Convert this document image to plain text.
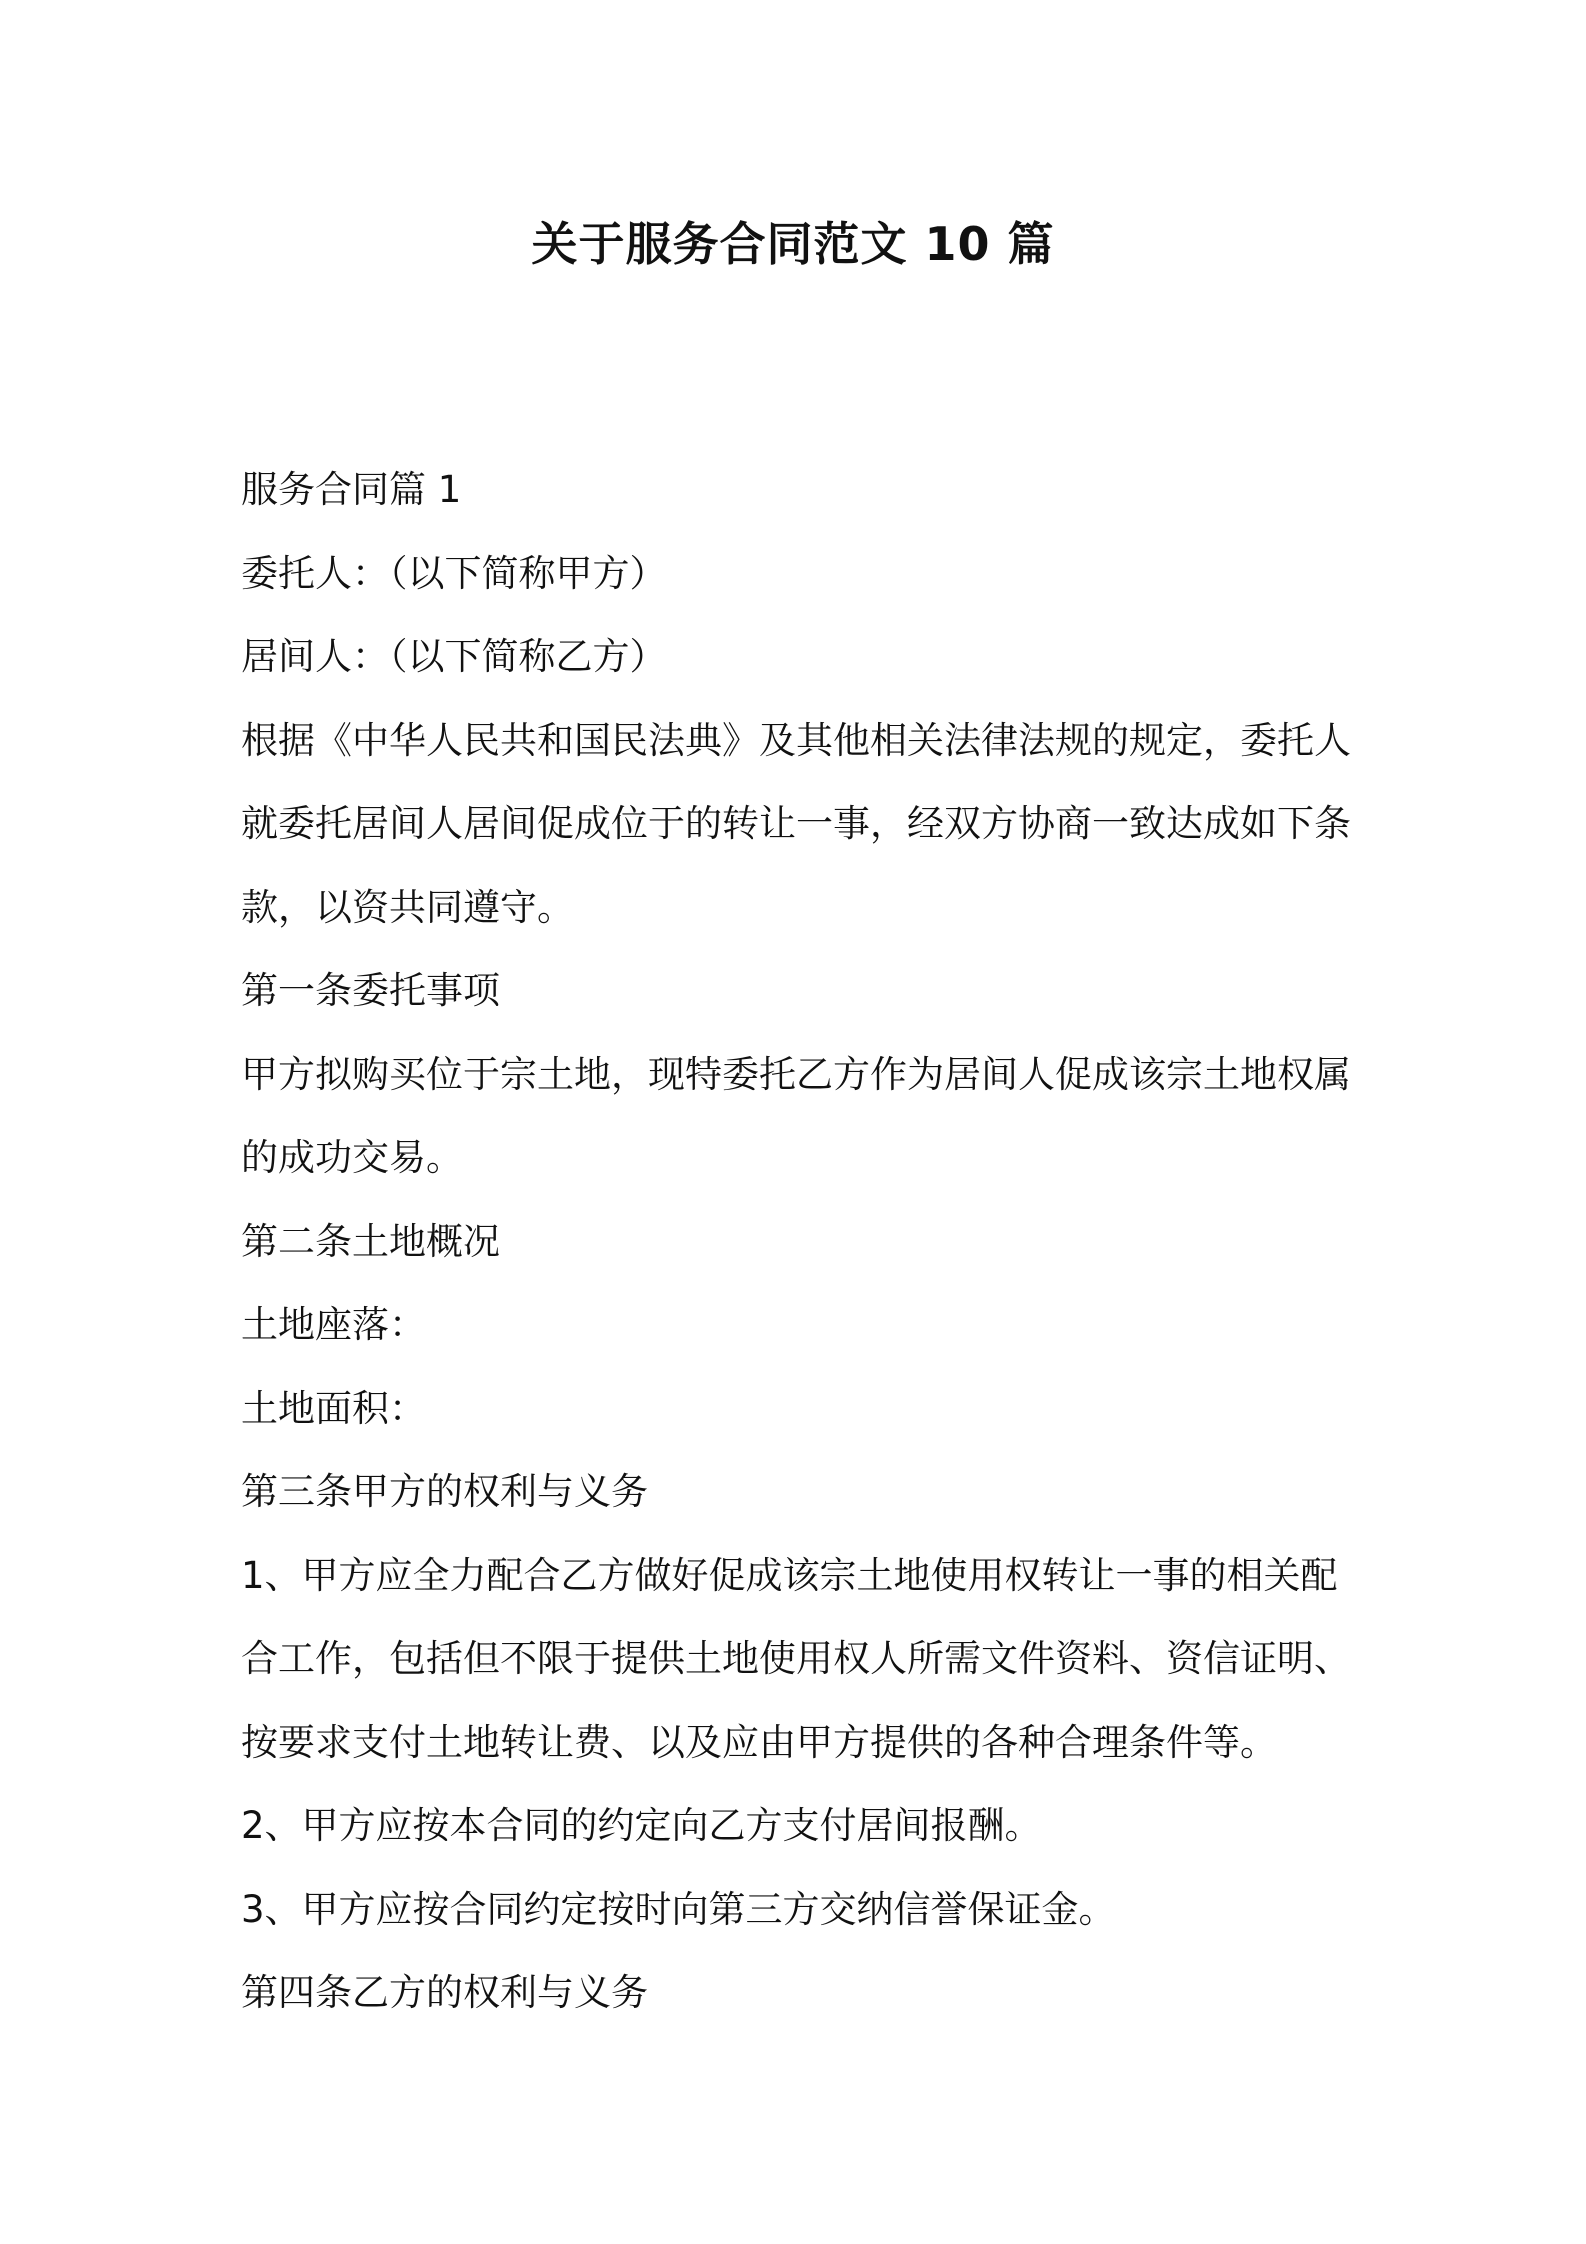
关于服务合同范文 10 篇

服务合同篇 1

委托人：（以下简称甲方）

居间人：（以下简称乙方）

根据《中华人民共和国民法典》及其他相关法律法规的规定，委托人
就委托居间人居间促成位于的转让一事，经双方协商一致达成如下条
款，以资共同遵守。

第一条委托事项

甲方拟购买位于宗土地，现特委托乙方作为居间人促成该宗土地权属
的成功交易。

第二条土地概况

土地座落：

土地面积：

第三条甲方的权利与义务

1、甲方应全力配合乙方做好促成该宗土地使用权转让一事的相关配
合工作，包括但不限于提供土地使用权人所需文件资料、资信证明、
按要求支付土地转让费、以及应由甲方提供的各种合理条件等。

2、甲方应按本合同的约定向乙方支付居间报酬。

3、甲方应按合同约定按时向第三方交纳信誉保证金。

第四条乙方的权利与义务
